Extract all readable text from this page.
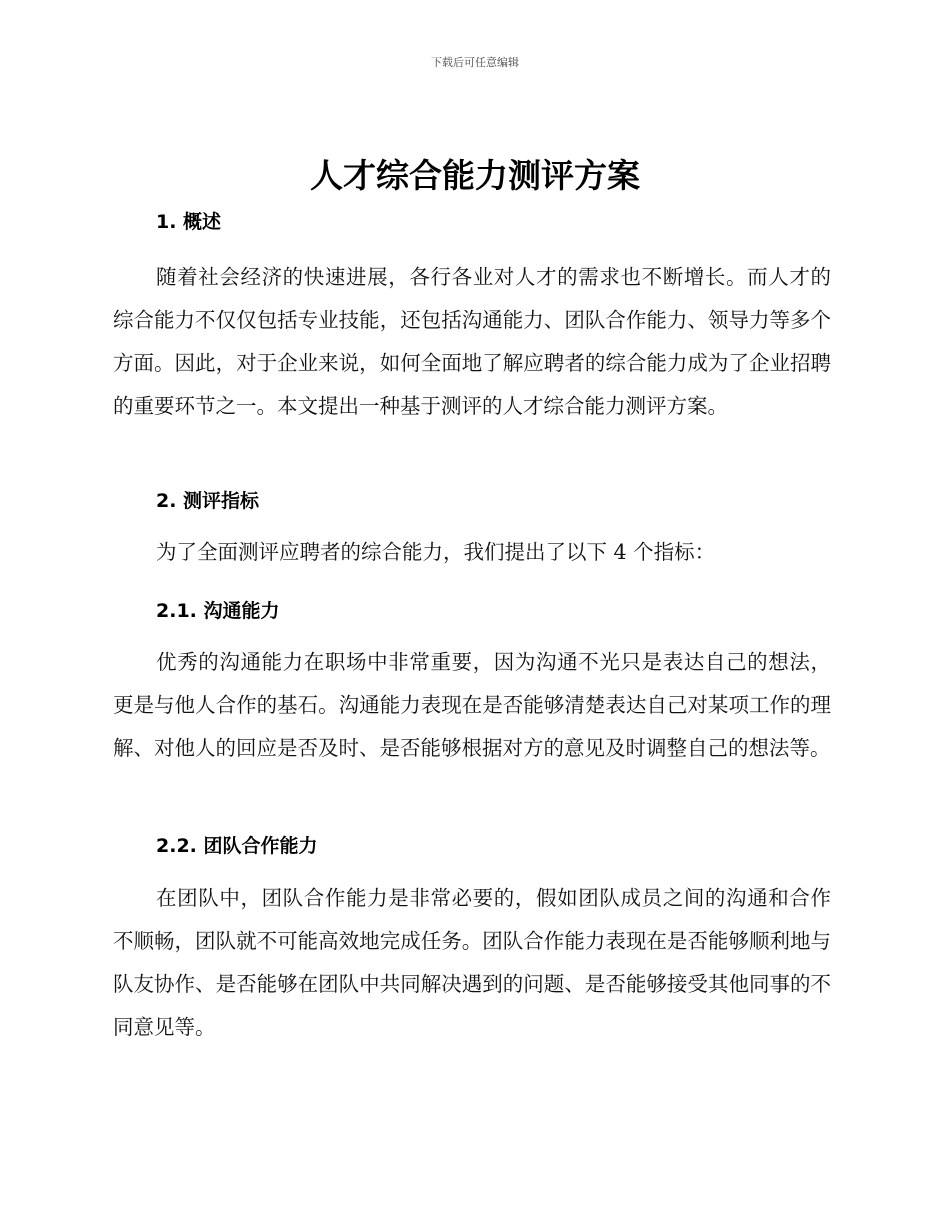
下载后可任意编辑
人才综合能力测评方案
1. 概述

随着社会经济的快速进展，各行各业对人才的需求也不断增长。而人才的综合能力不仅仅包括专业技能，还包括沟通能力、团队合作能力、领导力等多个方面。因此，对于企业来说，如何全面地了解应聘者的综合能力成为了企业招聘的重要环节之一。本文提出一种基于测评的人才综合能力测评方案。

2. 测评指标

为了全面测评应聘者的综合能力，我们提出了以下 4 个指标：

2.1. 沟通能力

优秀的沟通能力在职场中非常重要，因为沟通不光只是表达自己的想法，更是与他人合作的基石。沟通能力表现在是否能够清楚表达自己对某项工作的理解、对他人的回应是否及时、是否能够根据对方的意见及时调整自己的想法等。

2.2. 团队合作能力

在团队中，团队合作能力是非常必要的，假如团队成员之间的沟通和合作不顺畅，团队就不可能高效地完成任务。团队合作能力表现在是否能够顺利地与队友协作、是否能够在团队中共同解决遇到的问题、是否能够接受其他同事的不同意见等。
